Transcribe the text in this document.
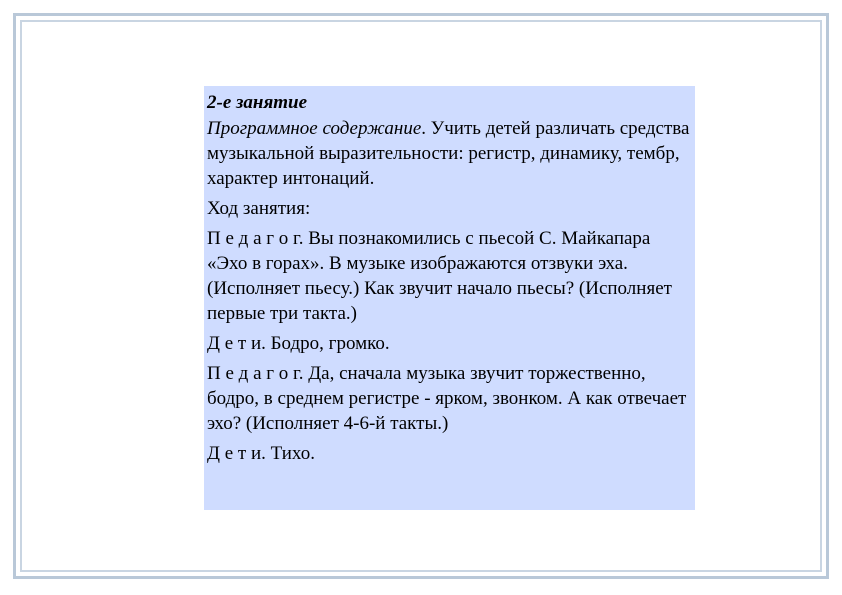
2-е занятие
Программное содержание. Учить детей различать средства музыкальной выразительности: регистр, динамику, тембр, характер интонаций.
Ход занятия:
П е д а г о г. Вы познакомились с пьесой С. Майкапара «Эхо в горах». В музыке изображаются отзвуки эха. (Исполняет пьесу.) Как звучит начало пьесы? (Исполняет первые три такта.)
Д е т и. Бодро, громко.
П е д а г о г. Да, сначала музыка звучит торжественно, бодро, в среднем регистре - ярком, звонком. А как отвечает эхо? (Исполняет 4-6-й такты.)
Д е т и. Тихо.
